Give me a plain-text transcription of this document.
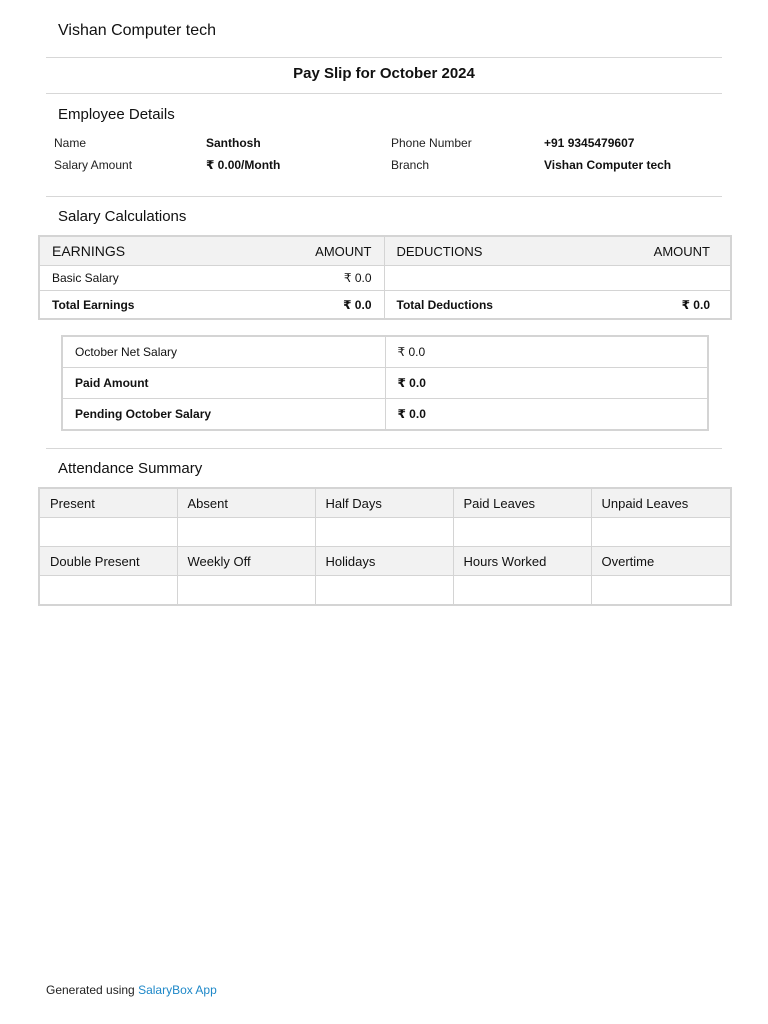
Vishan Computer tech
Pay Slip for October 2024
Employee Details
Name	Santhosh	Phone Number	+91 9345479607
Salary Amount	₹ 0.00/Month	Branch	Vishan Computer tech
Salary Calculations
EARNINGS	AMOUNT	DEDUCTIONS	AMOUNT
Basic Salary	₹ 0.0		
Total Earnings	₹ 0.0	Total Deductions	₹ 0.0
October Net Salary	₹ 0.0
Paid Amount	₹ 0.0
Pending October Salary	₹ 0.0
Attendance Summary
Present	Absent	Half Days	Paid Leaves	Unpaid Leaves

Double Present	Weekly Off	Holidays	Hours Worked	Overtime

Generated using SalaryBox App
